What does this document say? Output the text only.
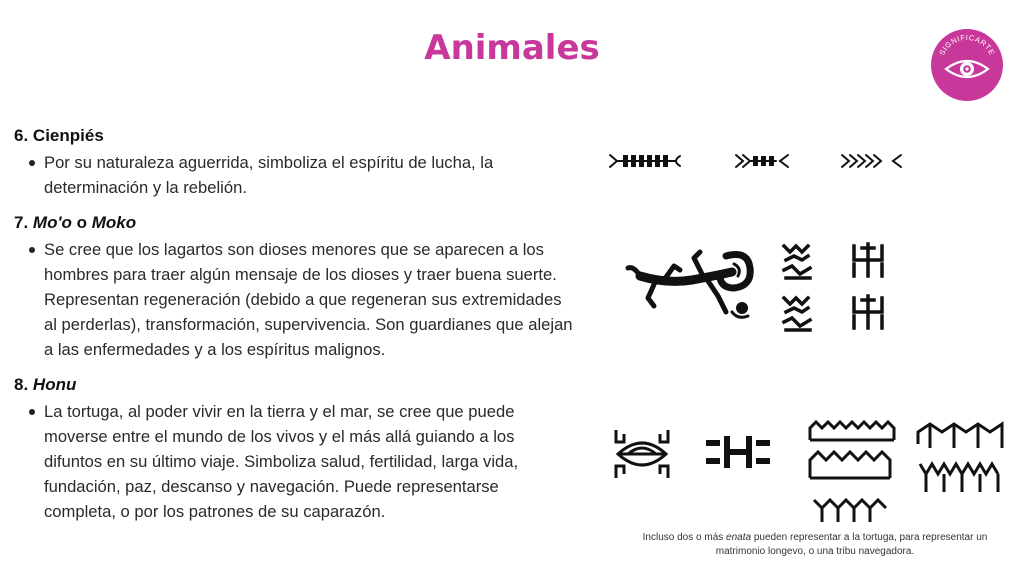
Animales	SIGNIFICARTE
6. Cienpiés
Por su naturaleza aguerrida, simboliza el espíritu de lucha, la determinación y la rebelión.
7. Mo'o o Moko
Se cree que los lagartos son dioses menores que se aparecen a los hombres para traer algún mensaje de los dioses y traer buena suerte. Representan regeneración (debido a que regeneran sus extremidades al perderlas), transformación, supervivencia. Son guardianes que alejan a las enfermedades y a los espíritus malignos.
8. Honu
La tortuga, al poder vivir en la tierra y el mar, se cree que puede moverse entre el mundo de los vivos y el más allá guiando a los difuntos en su último viaje. Simboliza salud, fertilidad, larga vida, fundación, paz, descanso y navegación. Puede representarse completa, o por los patrones de su caparazón.
Incluso dos o más enata pueden representar a la tortuga, para representar un matrimonio longevo, o una tribu navegadora.
